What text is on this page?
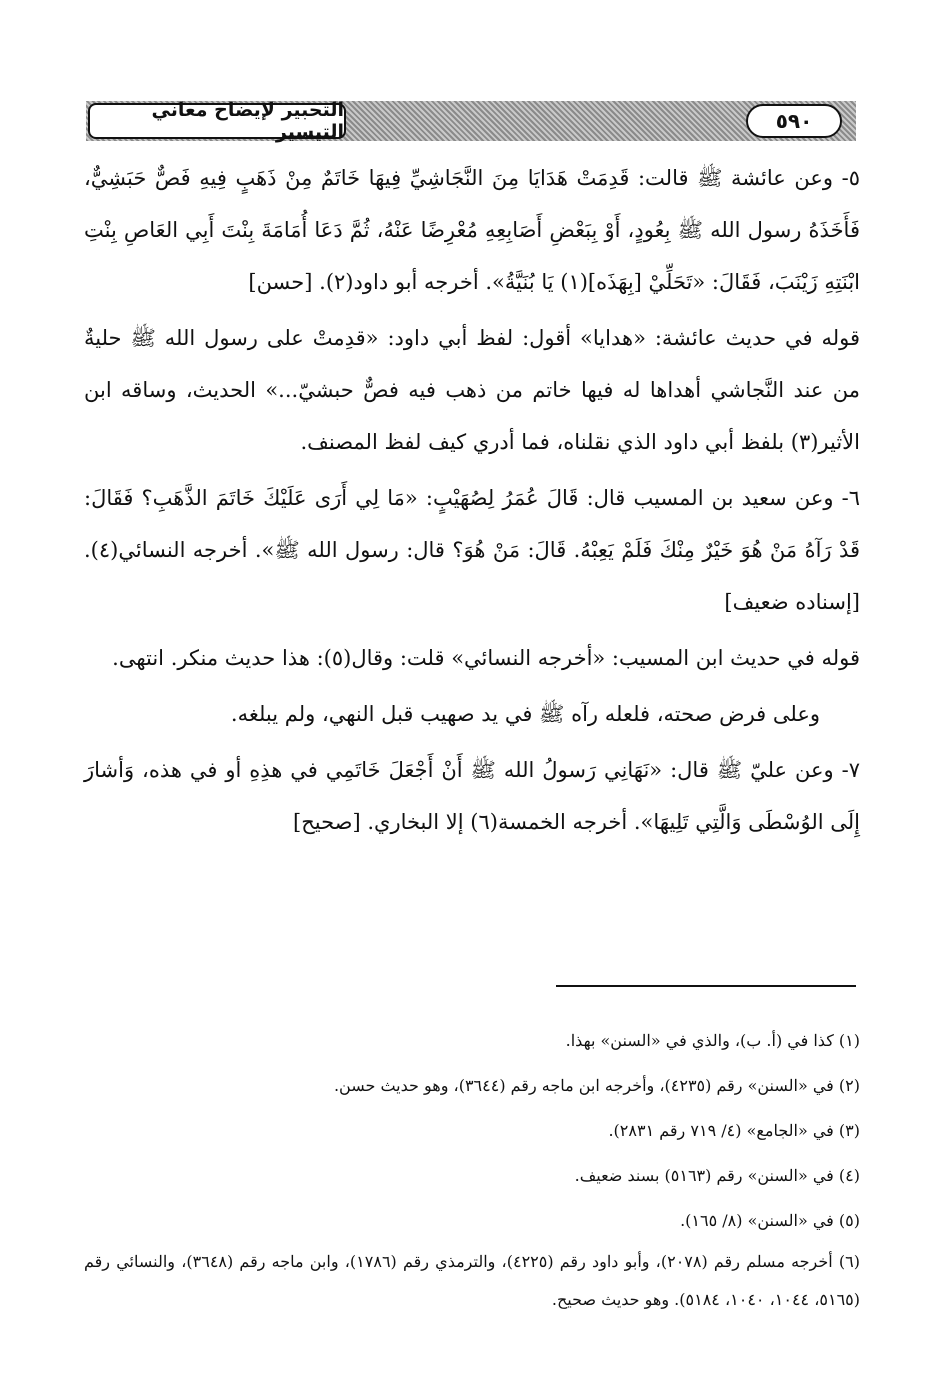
التحبير لإيضاح معاني التيسير	٥٩٠

٥- وعن عائشة ﷺ قالت: قَدِمَتْ هَدَايَا مِنَ النَّجَاشِيِّ فِيهَا خَاتَمٌ مِنْ ذَهَبٍ فِيهِ فَصٌّ حَبَشِيٌّ، فَأَخَذَهُ رسول الله ﷺ بِعُودٍ، أَوْ بِبَعْضِ أَصَابِعِهِ مُعْرِضًا عَنْهُ، ثُمَّ دَعَا أُمَامَةَ بِنْتَ أَبِي العَاصِ بِنْتِ ابْنَتِهِ زَيْنَبَ، فَقَالَ: «تَحَلِّيْ [بِهَذَه](١) يَا بُنَيَّةُ». أخرجه أبو داود(٢). [حسن]

قوله في حديث عائشة: «هدايا» أقول: لفظ أبي داود: «قدِمتْ على رسول الله ﷺ حليةٌ من عند النَّجاشي أهداها له فيها خاتم من ذهب فيه فصٌّ حبشيّ...» الحديث، وساقه ابن الأثير(٣) بلفظ أبي داود الذي نقلناه، فما أدري كيف لفظ المصنف.

٦- وعن سعيد بن المسيب قال: قَالَ عُمَرُ لِصُهَيْبٍ: «مَا لِي أَرَى عَلَيْكَ خَاتَمَ الذَّهَبِ؟ فَقَالَ: قَدْ رَآهُ مَنْ هُوَ خَيْرٌ مِنْكَ فَلَمْ يَعِبْهُ. قَالَ: مَنْ هُوَ؟ قال: رسول الله ﷺ». أخرجه النسائي(٤). [إسناده ضعيف]

قوله في حديث ابن المسيب: «أخرجه النسائي» قلت: وقال(٥): هذا حديث منكر. انتهى.

وعلى فرض صحته، فلعله رآه ﷺ في يد صهيب قبل النهي، ولم يبلغه.

٧- وعن عليّ ﷺ قال: «نَهَانِي رَسولُ الله ﷺ أَنْ أَجْعَلَ خَاتَمِي في هذِهِ أو في هذه، وَأشارَ إِلَى الوُسْطَى وَالَّتِي تَلِيهَا». أخرجه الخمسة(٦) إلا البخاري. [صحيح]

(١) كذا في (أ. ب)، والذي في «السنن» بهذا.
(٢) في «السنن» رقم (٤٢٣٥)، وأخرجه ابن ماجه رقم (٣٦٤٤)، وهو حديث حسن.
(٣) في «الجامع» (٤/ ٧١٩ رقم ٢٨٣١).
(٤) في «السنن» رقم (٥١٦٣) بسند ضعيف.
(٥) في «السنن» (٨/ ١٦٥).
(٦) أخرجه مسلم رقم (٢٠٧٨)، وأبو داود رقم (٤٢٢٥)، والترمذي رقم (١٧٨٦)، وابن ماجه رقم (٣٦٤٨)، والنسائي رقم (٥١٦٥، ١٠٤٤، ١٠٤٠، ٥١٨٤). وهو حديث صحيح.
